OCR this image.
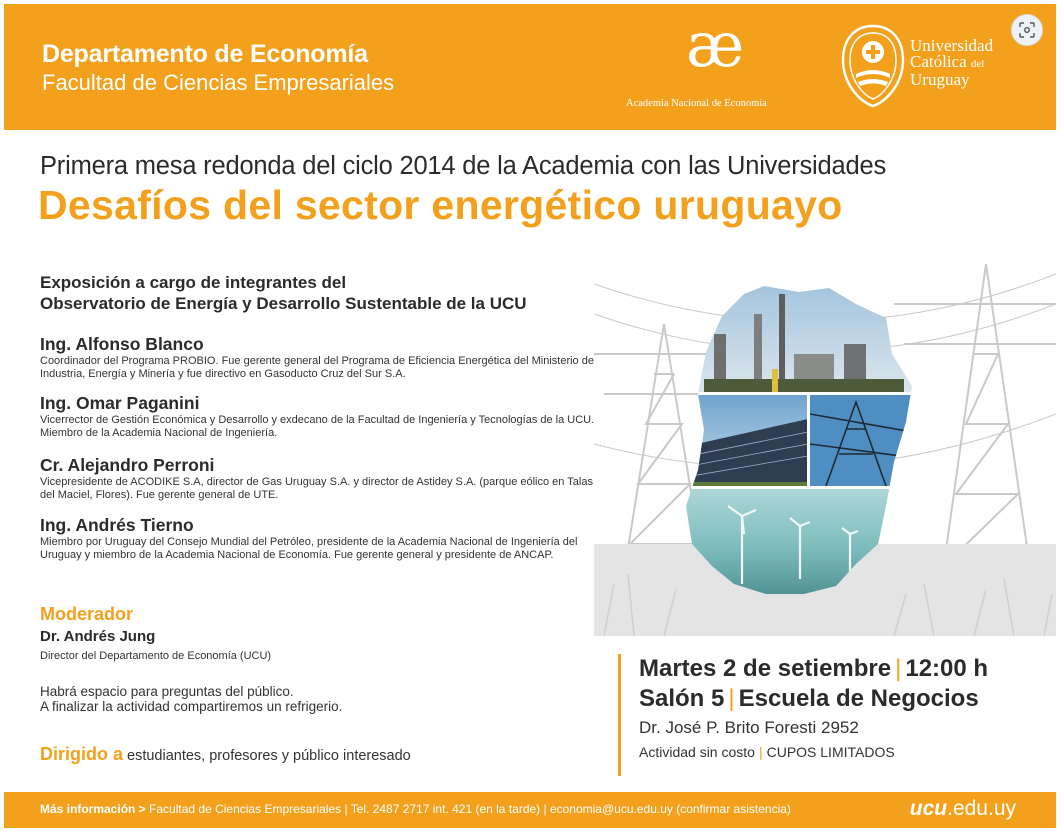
Departamento de Economía
Facultad de Ciencias Empresariales
æ
Academia Nacional de Economía
Universidad
Católica del
Uruguay
Primera mesa redonda del ciclo 2014 de la Academia con las Universidades
Desafíos del sector energético uruguayo
Exposición a cargo de integrantes del
Observatorio de Energía y Desarrollo Sustentable de la UCU
Ing. Alfonso Blanco
Coordinador del Programa PROBIO. Fue gerente general del Programa de Eficiencia Energética del Ministerio de Industria, Energía y Minería y fue directivo en Gasoducto Cruz del Sur S.A.
Ing. Omar Paganini
Vicerrector de Gestión Económica y Desarrollo y exdecano de la Facultad de Ingeniería y Tecnologías de la UCU. Miembro de la Academia Nacional de Ingeniería.
Cr. Alejandro Perroni
Vicepresidente de ACODIKE S.A, director de Gas Uruguay S.A. y director de Astidey S.A. (parque eólico en Talas del Maciel, Flores). Fue gerente general de UTE.
Ing. Andrés Tierno
Miembro por Uruguay del Consejo Mundial del Petróleo, presidente de la Academia Nacional de Ingeniería del Uruguay y miembro de la Academia Nacional de Economía. Fue gerente general y presidente de ANCAP.
Moderador
Dr. Andrés Jung
Director del Departamento de Economía (UCU)
Habrá espacio para preguntas del público.
A finalizar la actividad compartiremos un refrigerio.
Dirigido a estudiantes, profesores y público interesado
Martes 2 de setiembre | 12:00 h
Salón 5 | Escuela de Negocios
Dr. José P. Brito Foresti 2952
Actividad sin costo | CUPOS LIMITADOS
Más información > Facultad de Ciencias Empresariales | Tel. 2487 2717 int. 421 (en la tarde) | economia@ucu.edu.uy (confirmar asistencia)	ucu.edu.uy
